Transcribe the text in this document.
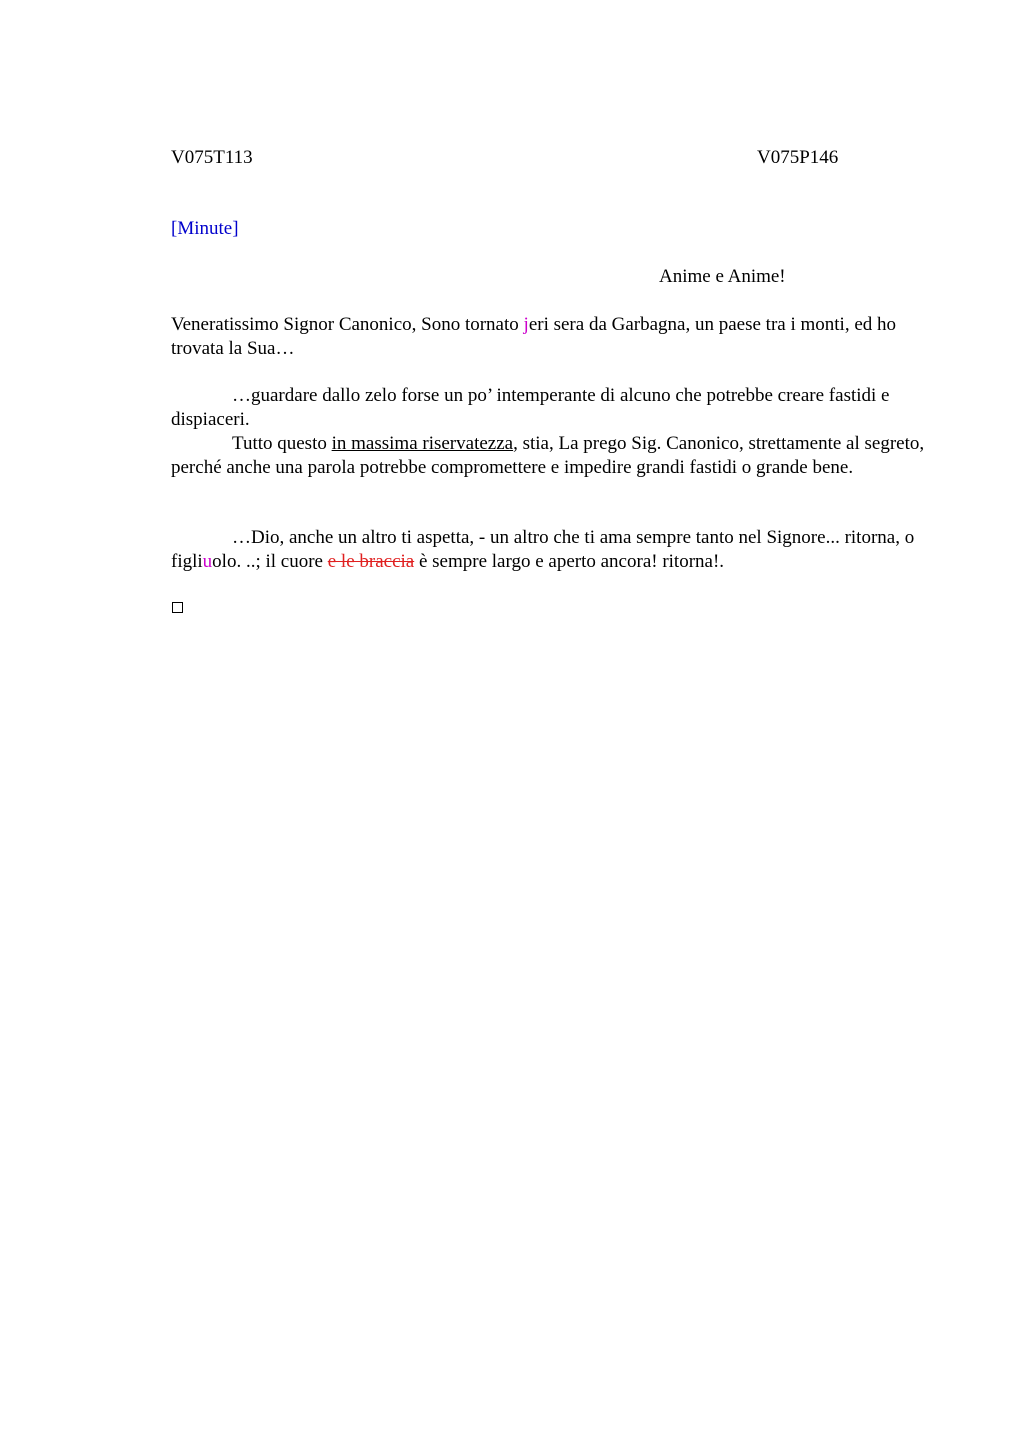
V075T113	V075P146
[Minute]
Anime e Anime!

Veneratissimo Signor Canonico, Sono tornato jeri sera da Garbagna, un paese tra i monti, ed ho trovata la Sua…

…guardare dallo zelo forse un po’ intemperante di alcuno che potrebbe creare fastidi e dispiaceri.

Tutto questo in massima riservatezza, stia, La prego Sig. Canonico, strettamente al segreto, perché anche una parola potrebbe compromettere e impedire grandi fastidi o grande bene.

…Dio, anche un altro ti aspetta, - un altro che ti ama sempre tanto nel Signore... ritorna, o figliuolo. ..; il cuore e le braccia è sempre largo e aperto ancora! ritorna!.
